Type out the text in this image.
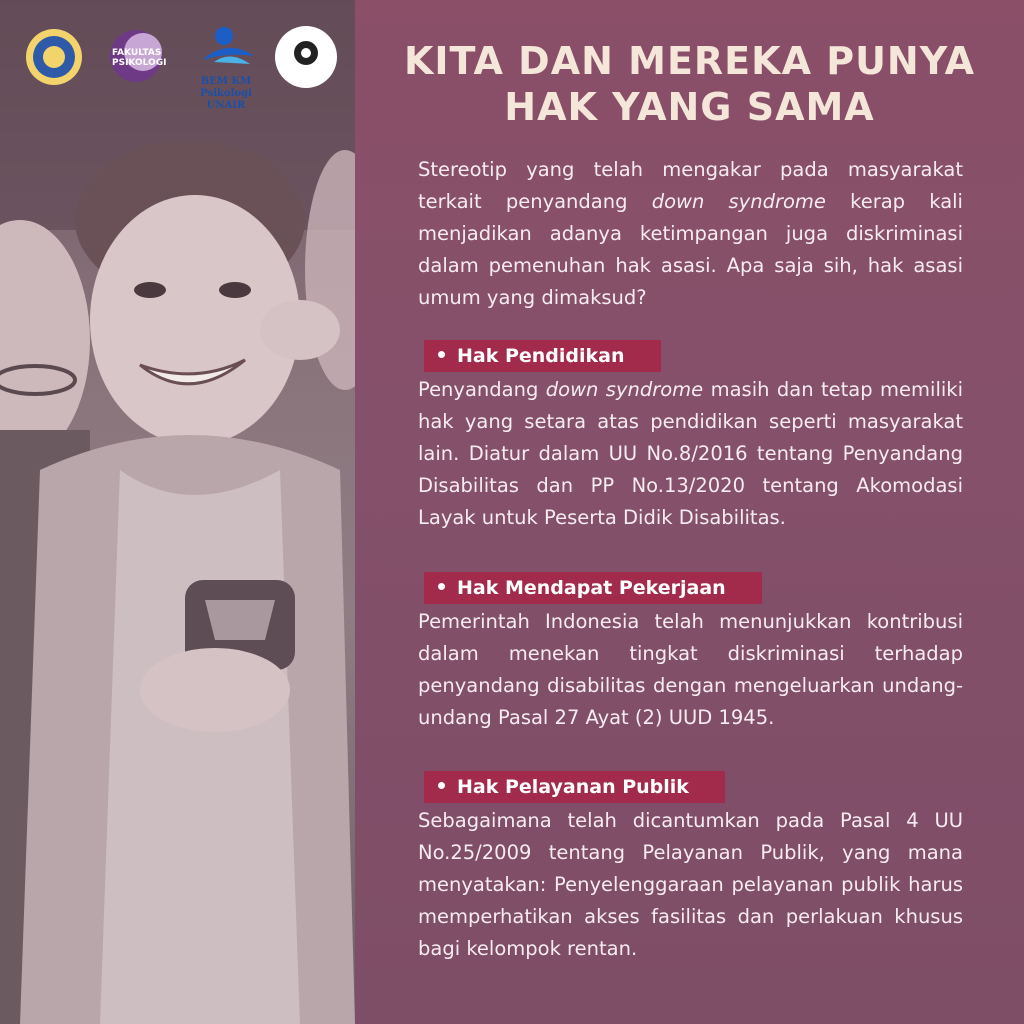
FAKULTAS PSIKOLOGI
BEM KM
Psikologi UNAIR
KITA DAN MEREKA PUNYA
HAK YANG SAMA

Stereotip yang telah mengakar pada masyarakat terkait penyandang down syndrome kerap kali menjadikan adanya ketimpangan juga diskriminasi dalam pemenuhan hak asasi. Apa saja sih, hak asasi umum yang dimaksud?

Hak Pendidikan

Penyandang down syndrome masih dan tetap memiliki hak yang setara atas pendidikan seperti masyarakat lain. Diatur dalam UU No.8/2016 tentang Penyandang Disabilitas dan PP No.13/2020 tentang Akomodasi Layak untuk Peserta Didik Disabilitas.

Hak Mendapat Pekerjaan

Pemerintah Indonesia telah menunjukkan kontribusi dalam menekan tingkat diskriminasi terhadap penyandang disabilitas dengan mengeluarkan undang-undang Pasal 27 Ayat (2) UUD 1945.

Hak Pelayanan Publik

Sebagaimana telah dicantumkan pada Pasal 4 UU No.25/2009 tentang Pelayanan Publik, yang mana menyatakan: Penyelenggaraan pelayanan publik harus memperhatikan akses fasilitas dan perlakuan khusus bagi kelompok rentan.
